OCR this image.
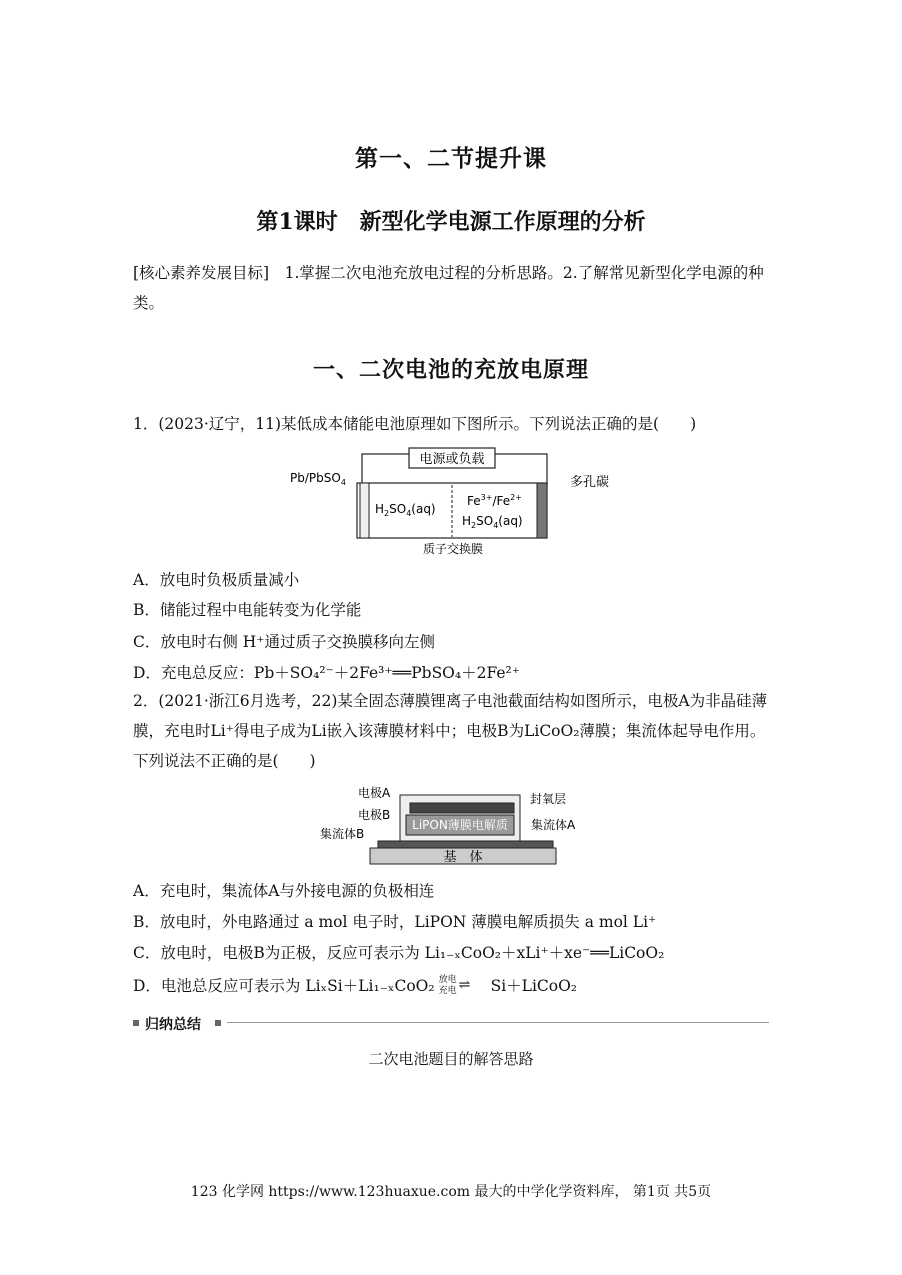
第一、二节提升课
第1课时　新型化学电源工作原理的分析
[核心素养发展目标]　1.掌握二次电池充放电过程的分析思路。2.了解常见新型化学电源的种类。
一、二次电池的充放电原理
1．(2023·辽宁，11)某低成本储能电池原理如下图所示。下列说法正确的是(　　)
电源或负载
Pb/PbSO$_4$	多孔碳
$H_2SO_4(aq)$
$Fe^{3+}/Fe^{2+}$
$H_2SO_4(aq)$
质子交换膜
A．放电时负极质量减小
B．储能过程中电能转变为化学能
C．放电时右侧 H⁺通过质子交换膜移向左侧
D．充电总反应：Pb＋SO₄²⁻＋2Fe³⁺══PbSO₄＋2Fe²⁺
2．(2021·浙江6月选考，22)某全固态薄膜锂离子电池截面结构如图所示，电极A为非晶硅薄膜，充电时Li⁺得电子成为Li嵌入该薄膜材料中；电极B为LiCoO₂薄膜；集流体起导电作用。下列说法不正确的是(　　)
基　体
LiPON薄膜电解质
电极A
电极B
集流体B
封氧层
集流体A
A．充电时，集流体A与外接电源的负极相连
B．放电时，外电路通过 a mol 电子时，LiPON 薄膜电解质损失 a mol Li⁺
C．放电时，电极B为正极，反应可表示为 Li₁₋ₓCoO₂＋xLi⁺＋xe⁻══LiCoO₂
D．电池总反应可表示为 LiₓSi＋Li₁₋ₓCoO₂ 放电
充电 ⇌ Si＋LiCoO₂
归纳总结
二次电池题目的解答思路
123 化学网 https://www.123huaxue.com 最大的中学化学资料库， 第1页 共5页
